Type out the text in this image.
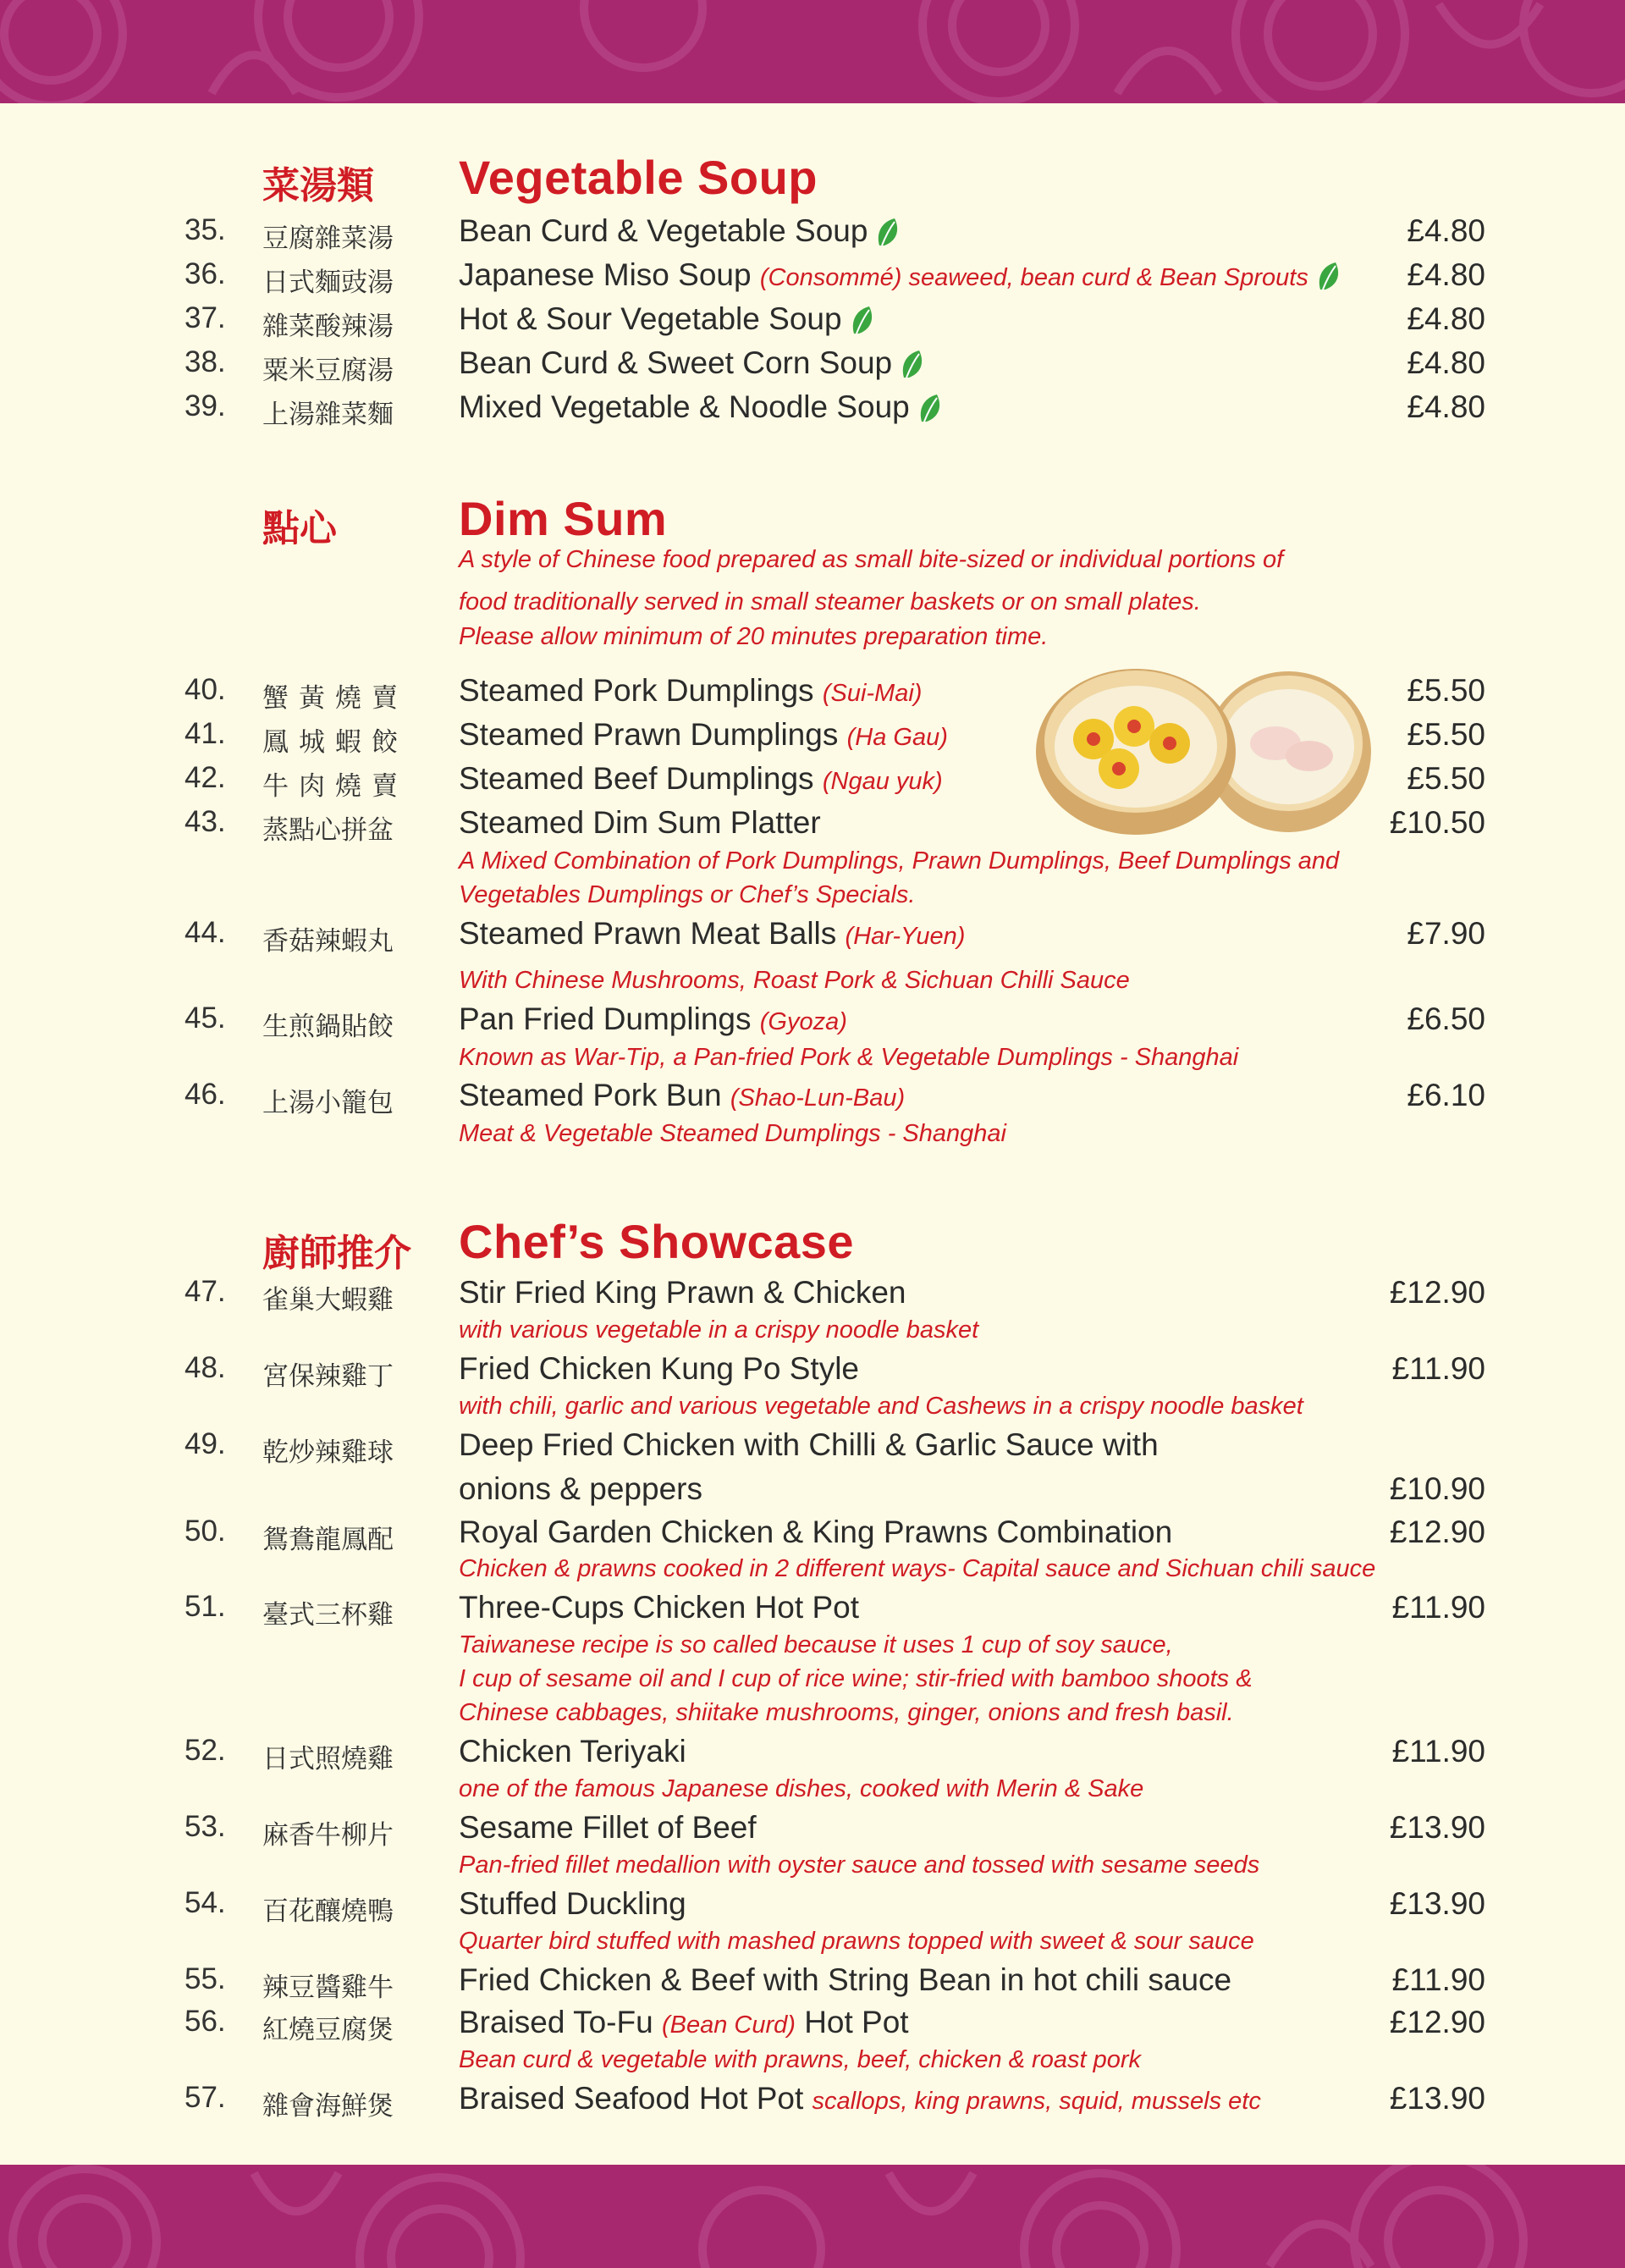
菜湯類 Vegetable Soup
35. 豆腐雜菜湯 Bean Curd & Vegetable Soup	£4.80
36. 日式麵豉湯 Japanese Miso Soup (Consommé) seaweed, bean curd & Bean Sprouts	£4.80
37. 雜菜酸辣湯 Hot & Sour Vegetable Soup	£4.80
38. 粟米豆腐湯 Bean Curd & Sweet Corn Soup	£4.80
39. 上湯雜菜麵 Mixed Vegetable & Noodle Soup	£4.80
點心	Dim Sum
A style of Chinese food prepared as small bite-sized or individual portions of
food traditionally served in small steamer baskets or on small plates.
Please allow minimum of 20 minutes preparation time.
40. 蟹黃燒賣 Steamed Pork Dumplings (Sui-Mai)	£5.50
41. 鳳城蝦餃 Steamed Prawn Dumplings (Ha Gau)	£5.50
42. 牛肉燒賣 Steamed Beef Dumplings (Ngau yuk)	£5.50
43. 蒸點心拼盆 Steamed Dim Sum Platter	£10.50
A Mixed Combination of Pork Dumplings, Prawn Dumplings, Beef Dumplings and
Vegetables Dumplings or Chef’s Specials.
44. 香菇辣蝦丸 Steamed Prawn Meat Balls (Har-Yuen)	£7.90
With Chinese Mushrooms, Roast Pork & Sichuan Chilli Sauce
45. 生煎鍋貼餃 Pan Fried Dumplings (Gyoza)	£6.50
Known as War-Tip, a Pan-fried Pork & Vegetable Dumplings - Shanghai
46. 上湯小籠包 Steamed Pork Bun (Shao-Lun-Bau)	£6.10
Meat & Vegetable Steamed Dumplings - Shanghai
廚師推介 Chef’s Showcase
47. 雀巢大蝦雞 Stir Fried King Prawn & Chicken	£12.90
with various vegetable in a crispy noodle basket
48. 宮保辣雞丁 Fried Chicken Kung Po Style	£11.90
with chili, garlic and various vegetable and Cashews in a crispy noodle basket
49. 乾炒辣雞球 Deep Fried Chicken with Chilli & Garlic Sauce with
onions & peppers	£10.90
50. 鴛鴦龍鳳配 Royal Garden Chicken & King Prawns Combination	£12.90
Chicken & prawns cooked in 2 different ways- Capital sauce and Sichuan chili sauce
51. 臺式三杯雞 Three-Cups Chicken Hot Pot	£11.90
Taiwanese recipe is so called because it uses 1 cup of soy sauce,
I cup of sesame oil and I cup of rice wine; stir-fried with bamboo shoots &
Chinese cabbages, shiitake mushrooms, ginger, onions and fresh basil.
52. 日式照燒雞 Chicken Teriyaki	£11.90
one of the famous Japanese dishes, cooked with Merin & Sake
53. 麻香牛柳片 Sesame Fillet of Beef	£13.90
Pan-fried fillet medallion with oyster sauce and tossed with sesame seeds
54. 百花釀燒鴨 Stuffed Duckling	£13.90
Quarter bird stuffed with mashed prawns topped with sweet & sour sauce
55. 辣豆醬雞牛 Fried Chicken & Beef with String Bean in hot chili sauce	£11.90
56. 紅燒豆腐煲 Braised To-Fu (Bean Curd) Hot Pot	£12.90
Bean curd & vegetable with prawns, beef, chicken & roast pork
57. 雜會海鮮煲 Braised Seafood Hot Pot scallops, king prawns, squid, mussels etc	£13.90
